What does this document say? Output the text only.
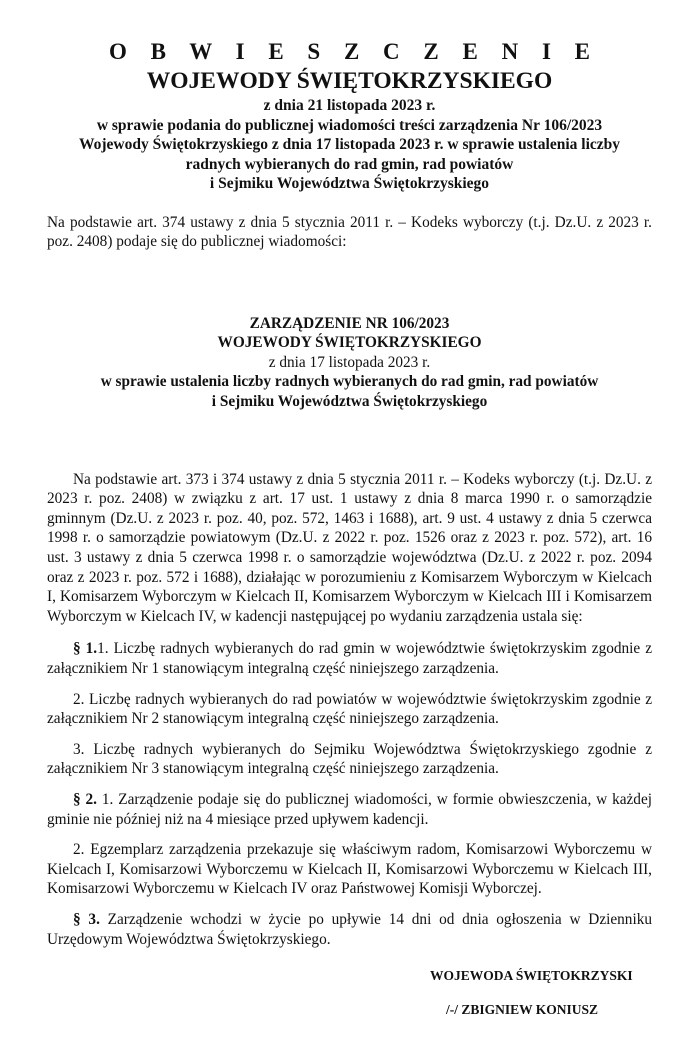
O B W I E S Z C Z E N I E
WOJEWODY ŚWIĘTOKRZYSKIEGO
z dnia 21 listopada 2023 r.
w sprawie podania do publicznej wiadomości treści zarządzenia Nr 106/2023
Wojewody Świętokrzyskiego z dnia 17 listopada 2023 r. w sprawie ustalenia liczby
radnych wybieranych do rad gmin, rad powiatów
i Sejmiku Województwa Świętokrzyskiego

Na podstawie art. 374 ustawy z dnia 5 stycznia 2011 r. – Kodeks wyborczy (t.j. Dz.U. z 2023 r. poz. 2408) podaje się do publicznej wiadomości:

ZARZĄDZENIE NR 106/2023
WOJEWODY ŚWIĘTOKRZYSKIEGO
z dnia 17 listopada 2023 r.
w sprawie ustalenia liczby radnych wybieranych do rad gmin, rad powiatów
i Sejmiku Województwa Świętokrzyskiego

Na podstawie art. 373 i 374 ustawy z dnia 5 stycznia 2011 r. – Kodeks wyborczy (t.j. Dz.U. z 2023 r. poz. 2408) w związku z art. 17 ust. 1 ustawy z dnia 8 marca 1990 r. o samorządzie gminnym (Dz.U. z 2023 r. poz. 40, poz. 572, 1463 i 1688), art. 9 ust. 4 ustawy z dnia 5 czerwca 1998 r. o samorządzie powiatowym (Dz.U. z 2022 r. poz. 1526 oraz z 2023 r. poz. 572), art. 16 ust. 3 ustawy z dnia 5 czerwca 1998 r. o samorządzie województwa (Dz.U. z 2022 r. poz. 2094 oraz z 2023 r. poz. 572 i 1688), działając w porozumieniu z Komisarzem Wyborczym w Kielcach I, Komisarzem Wyborczym w Kielcach II, Komisarzem Wyborczym w Kielcach III i Komisarzem Wyborczym w Kielcach IV, w kadencji następującej po wydaniu zarządzenia ustala się:

§ 1.1. Liczbę radnych wybieranych do rad gmin w województwie świętokrzyskim zgodnie z załącznikiem Nr 1 stanowiącym integralną część niniejszego zarządzenia.

2. Liczbę radnych wybieranych do rad powiatów w województwie świętokrzyskim zgodnie z załącznikiem Nr 2 stanowiącym integralną część niniejszego zarządzenia.

3. Liczbę radnych wybieranych do Sejmiku Województwa Świętokrzyskiego zgodnie z załącznikiem Nr 3 stanowiącym integralną część niniejszego zarządzenia.

§ 2. 1. Zarządzenie podaje się do publicznej wiadomości, w formie obwieszczenia, w każdej gminie nie później niż na 4 miesiące przed upływem kadencji.

2. Egzemplarz zarządzenia przekazuje się właściwym radom, Komisarzowi Wyborczemu w Kielcach I, Komisarzowi Wyborczemu w Kielcach II, Komisarzowi Wyborczemu w Kielcach III, Komisarzowi Wyborczemu w Kielcach IV oraz Państwowej Komisji Wyborczej.

§ 3. Zarządzenie wchodzi w życie po upływie 14 dni od dnia ogłoszenia w Dzienniku Urzędowym Województwa Świętokrzyskiego.

WOJEWODA ŚWIĘTOKRZYSKI
/-/ ZBIGNIEW KONIUSZ
